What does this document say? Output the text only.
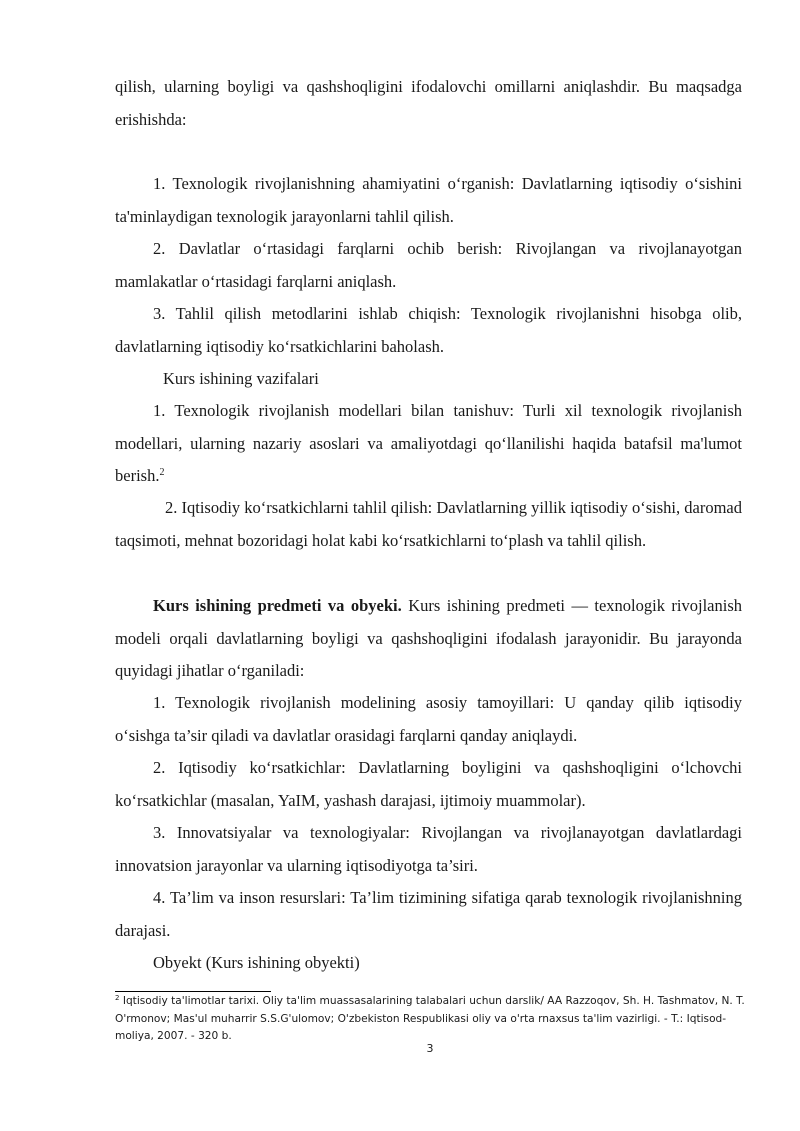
qilish, ularning boyligi va qashshoqligini ifodalovchi omillarni aniqlashdir. Bu maqsadga erishishda:

1. Texnologik rivojlanishning ahamiyatini o‘rganish: Davlatlarning iqtisodiy o‘sishini ta'minlaydigan texnologik jarayonlarni tahlil qilish.

2. Davlatlar o‘rtasidagi farqlarni ochib berish: Rivojlangan va rivojlanayotgan mamlakatlar o‘rtasidagi farqlarni aniqlash.

3. Tahlil qilish metodlarini ishlab chiqish: Texnologik rivojlanishni hisobga olib, davlatlarning iqtisodiy ko‘rsatkichlarini baholash.

Kurs ishining vazifalari

1. Texnologik rivojlanish modellari bilan tanishuv: Turli xil texnologik rivojlanish modellari, ularning nazariy asoslari va amaliyotdagi qo‘llanilishi haqida batafsil ma'lumot berish.$^2$

2. Iqtisodiy ko‘rsatkichlarni tahlil qilish: Davlatlarning yillik iqtisodiy o‘sishi, daromad taqsimoti, mehnat bozoridagi holat kabi ko‘rsatkichlarni to‘plash va tahlil qilish.

Kurs ishining predmeti va obyeki. Kurs ishining predmeti — texnologik rivojlanish modeli orqali davlatlarning boyligi va qashshoqligini ifodalash jarayonidir. Bu jarayonda quyidagi jihatlar o‘rganiladi:

1. Texnologik rivojlanish modelining asosiy tamoyillari: U qanday qilib iqtisodiy o‘sishga ta’sir qiladi va davlatlar orasidagi farqlarni qanday aniqlaydi.

2. Iqtisodiy ko‘rsatkichlar: Davlatlarning boyligini va qashshoqligini o‘lchovchi ko‘rsatkichlar (masalan, YaIM, yashash darajasi, ijtimoiy muammolar).

3. Innovatsiyalar va texnologiyalar: Rivojlangan va rivojlanayotgan davlatlardagi innovatsion jarayonlar va ularning iqtisodiyotga ta’siri.

4. Ta’lim va inson resurslari: Ta’lim tizimining sifatiga qarab texnologik rivojlanishning darajasi.

Obyekt (Kurs ishining obyekti)

$^2$ Iqtisodiy ta'limotlar tarixi. Oliy ta'lim muassasalarining talabalari uchun darslik/ AA Razzoqov, Sh. H. Tashmatov, N. T. O'rmonov; Mas'ul muharrir S.S.G'ulomov; O'zbekiston Respublikasi oliy va o'rta rnaxsus ta'lim vazirligi. - T.: Iqtisod-moliya, 2007. - 320 b.

3
